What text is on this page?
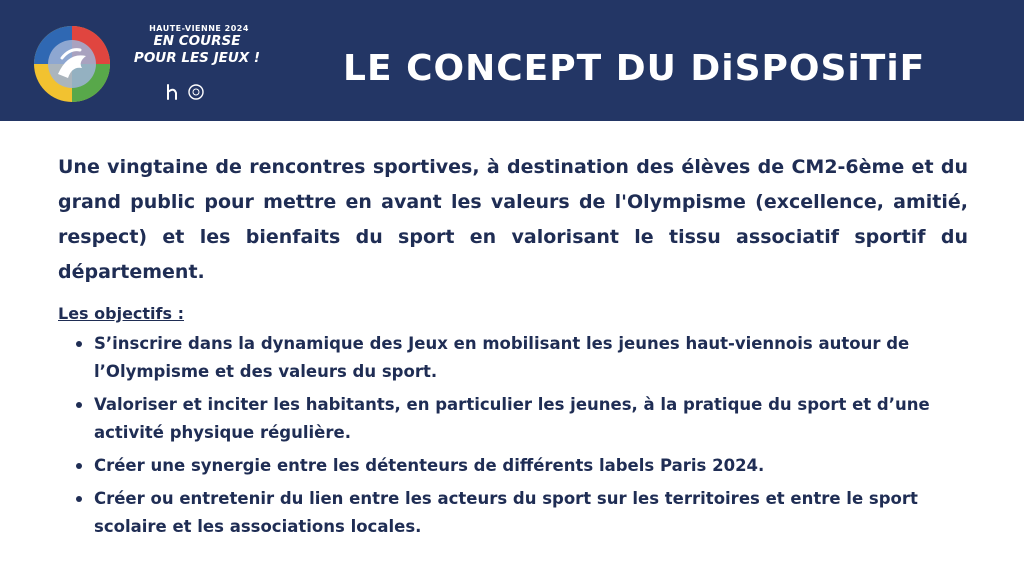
HAUTE-VIENNE 2024
EN COURSE
POUR LES JEUX !	LE CONCEPT DU DiSPOSiTiF

Une vingtaine de rencontres sportives, à destination des élèves de CM2-6ème et du grand public pour mettre en avant les valeurs de l'Olympisme (excellence, amitié, respect) et les bienfaits du sport en valorisant le tissu associatif sportif du département.

Les objectifs :
S’inscrire dans la dynamique des Jeux en mobilisant les jeunes haut-viennois autour de l’Olympisme et des valeurs du sport.
Valoriser et inciter les habitants, en particulier les jeunes, à la pratique du sport et d’une activité physique régulière.
Créer une synergie entre les détenteurs de différents labels Paris 2024.
Créer ou entretenir du lien entre les acteurs du sport sur les territoires et entre le sport scolaire et les associations locales.
